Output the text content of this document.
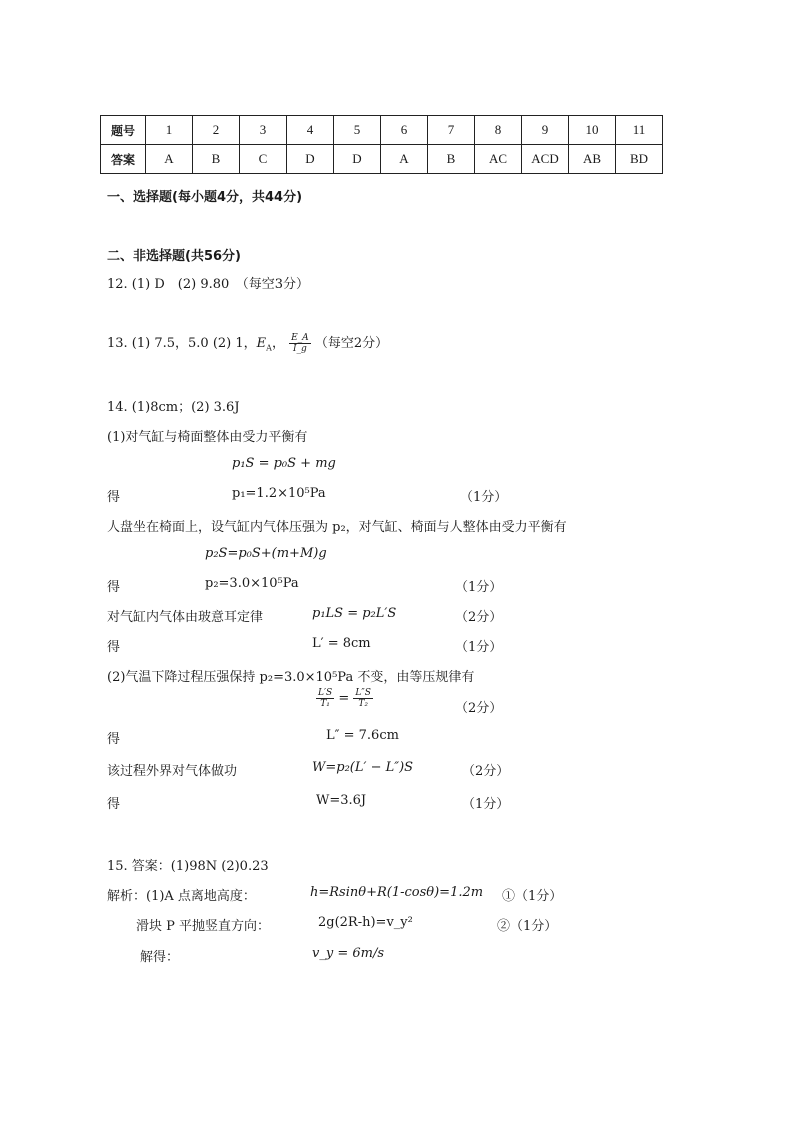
题号	1	2	3	4	5	6	7	8	9	10	11
答案	A	B	C	D	D	A	B	AC	ACD	AB	BD
一、选择题(每小题4分，共44分)
二、非选择题(共56分)
12. (1) D　(2) 9.80　（每空3分）
13. (1) 7.5，5.0 (2) 1，$E_A$， $\frac{E\_A}{I\_g}$ （每空2分）
14. (1)8cm；(2) 3.6J
(1)对气缸与椅面整体由受力平衡有
p₁S = p₀S + mg
得	p₁=1.2×10⁵Pa	（1分）
人盘坐在椅面上，设气缸内气体压强为 p₂，对气缸、椅面与人整体由受力平衡有
p₂S=p₀S+(m+M)g
得	p₂=3.0×10⁵Pa	（1分）
对气缸内气体由玻意耳定律	p₁LS = p₂L′S	（2分）
得	L′ = 8cm	（1分）
(2)气温下降过程压强保持 p₂=3.0×10⁵Pa 不变，由等压规律有
$\frac{L'S}{\text{T₁}} = \frac{L''S}{\text{T₂}}$	（2分）
得	L″ = 7.6cm
该过程外界对气体做功	W=p₂(L′ − L″)S	（2分）
得	W=3.6J	（1分）
15. 答案：(1)98N (2)0.23
解析：(1)A 点离地高度：	h=Rsinθ+R(1-cosθ)=1.2m ①（1分）
滑块 P 平抛竖直方向：	2g(2R-h)=v_y²	②（1分）
解得：	v_y = 6m/s
